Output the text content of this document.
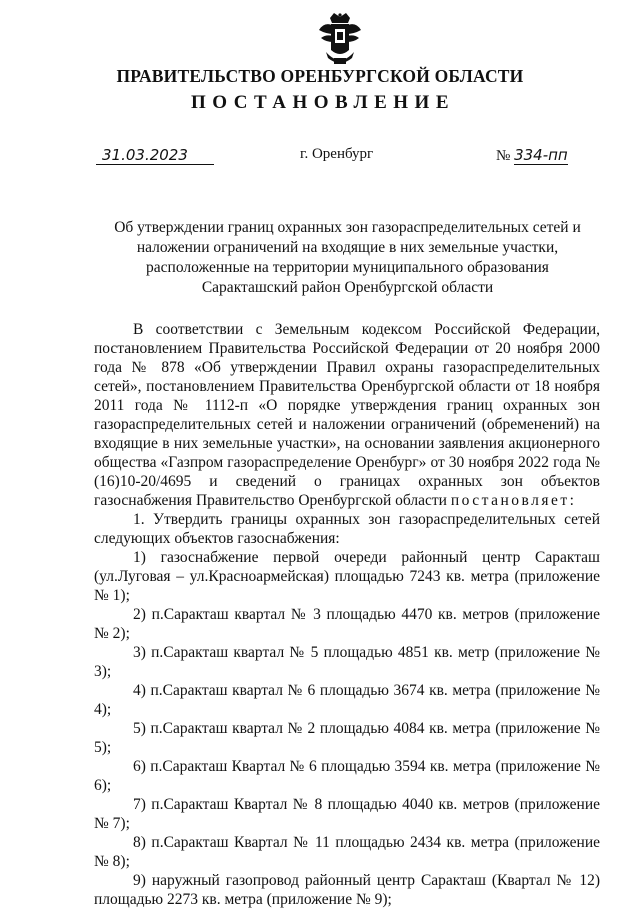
ПРАВИТЕЛЬСТВО ОРЕНБУРГСКОЙ ОБЛАСТИ
ПОСТАНОВЛЕНИЕ
31.03.2023	г. Оренбург	№ 334-пп
Об утверждении границ охранных зон газораспределительных сетей и
наложении ограничений на входящие в них земельные участки,
расположенные на территории муниципального образования
Саракташский район Оренбургской области

В соответствии с Земельным кодексом Российской Федерации, постановлением Правительства Российской Федерации от 20 ноября 2000 года № 878 «Об утверждении Правил охраны газораспределительных сетей», постановлением Правительства Оренбургской области от 18 ноября 2011 года № 1112-п «О порядке утверждения границ охранных зон газораспределительных сетей и наложении ограничений (обременений) на входящие в них земельные участки», на основании заявления акционерного общества «Газпром газораспределение Оренбург» от 30 ноября 2022 года № (16)10-20/4695 и сведений о границах охранных зон объектов газоснабжения Правительство Оренбургской области постановляет:

1. Утвердить границы охранных зон газораспределительных сетей следующих объектов газоснабжения:

1) газоснабжение первой очереди районный центр Саракташ (ул.Луговая – ул.Красноармейская) площадью 7243 кв. метра (приложение № 1);

2) п.Саракташ квартал № 3 площадью 4470 кв. метров (приложение № 2);

3) п.Саракташ квартал № 5 площадью 4851 кв. метр (приложение № 3);

4) п.Саракташ квартал № 6 площадью 3674 кв. метра (приложение № 4);

5) п.Саракташ квартал № 2 площадью 4084 кв. метра (приложение № 5);

6) п.Саракташ Квартал № 6 площадью 3594 кв. метра (приложение № 6);

7) п.Саракташ Квартал № 8 площадью 4040 кв. метров (приложение № 7);

8) п.Саракташ Квартал № 11 площадью 2434 кв. метра (приложение № 8);

9) наружный газопровод районный центр Саракташ (Квартал № 12) площадью 2273 кв. метра (приложение № 9);
